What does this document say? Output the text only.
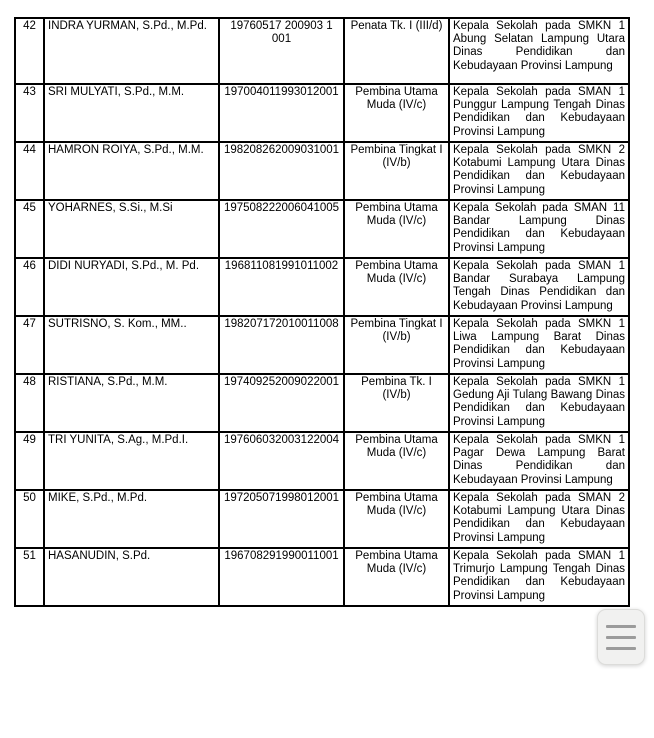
42	INDRA YURMAN, S.Pd., M.Pd.	19760517 200903 1 001	Penata Tk. I (III/d)	Kepala Sekolah pada SMKN 1 Abung Selatan Lampung Utara Dinas Pendidikan dan Kebudayaan Provinsi Lampung
43	SRI MULYATI, S.Pd., M.M.	197004011993012001	Pembina Utama Muda (IV/c)	Kepala Sekolah pada SMAN 1 Punggur Lampung Tengah Dinas Pendidikan dan Kebudayaan Provinsi Lampung
44	HAMRON ROIYA, S.Pd., M.M.	198208262009031001	Pembina Tingkat I (IV/b)	Kepala Sekolah pada SMKN 2 Kotabumi Lampung Utara Dinas Pendidikan dan Kebudayaan Provinsi Lampung
45	YOHARNES, S.Si., M.Si	197508222006041005	Pembina Utama Muda (IV/c)	Kepala Sekolah pada SMAN 11 Bandar Lampung Dinas Pendidikan dan Kebudayaan Provinsi Lampung
46	DIDI NURYADI, S.Pd., M. Pd.	196811081991011002	Pembina Utama Muda (IV/c)	Kepala Sekolah pada SMAN 1 Bandar Surabaya Lampung Tengah Dinas Pendidikan dan Kebudayaan Provinsi Lampung
47	SUTRISNO, S. Kom., MM..	198207172010011008	Pembina Tingkat I (IV/b)	Kepala Sekolah pada SMKN 1 Liwa Lampung Barat Dinas Pendidikan dan Kebudayaan Provinsi Lampung
48	RISTIANA, S.Pd., M.M.	197409252009022001	Pembina Tk. I (IV/b)	Kepala Sekolah pada SMKN 1 Gedung Aji Tulang Bawang Dinas Pendidikan dan Kebudayaan Provinsi Lampung
49	TRI YUNITA, S.Ag., M.Pd.I.	197606032003122004	Pembina Utama Muda (IV/c)	Kepala Sekolah pada SMKN 1 Pagar Dewa Lampung Barat Dinas Pendidikan dan Kebudayaan Provinsi Lampung
50	MIKE, S.Pd., M.Pd.	197205071998012001	Pembina Utama Muda (IV/c)	Kepala Sekolah pada SMAN 2 Kotabumi Lampung Utara Dinas Pendidikan dan Kebudayaan Provinsi Lampung
51	HASANUDIN, S.Pd.	196708291990011001	Pembina Utama Muda (IV/c)	Kepala Sekolah pada SMAN 1 Trimurjo Lampung Tengah Dinas Pendidikan dan Kebudayaan Provinsi Lampung
